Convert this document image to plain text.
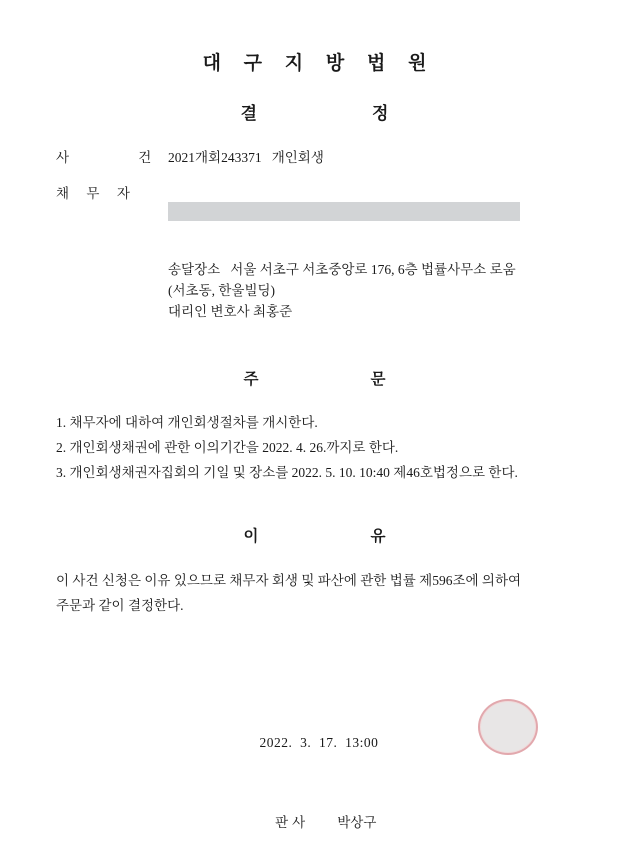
대 구 지 방 법 원
결        정
사      건 2021개회243371   개인회생
채 무 자

송달장소   서울 서초구 서초중앙로 176, 6층 법률사무소 로움
(서초동, 한울빌딩)
대리인 변호사 최홍준
주        문
1. 채무자에 대하여 개인회생절차를 개시한다.
2. 개인회생채권에 관한 이의기간을 2022. 4. 26.까지로 한다.
3. 개인회생채권자집회의 기일 및 장소를 2022. 5. 10. 10:40 제46호법정으로 한다.
이        유
이 사건 신청은 이유 있으므로 채무자 회생 및 파산에 관한 법률 제596조에 의하여
주문과 같이 결정한다.
2022.  3.  17.  13:00

판사 박상구
